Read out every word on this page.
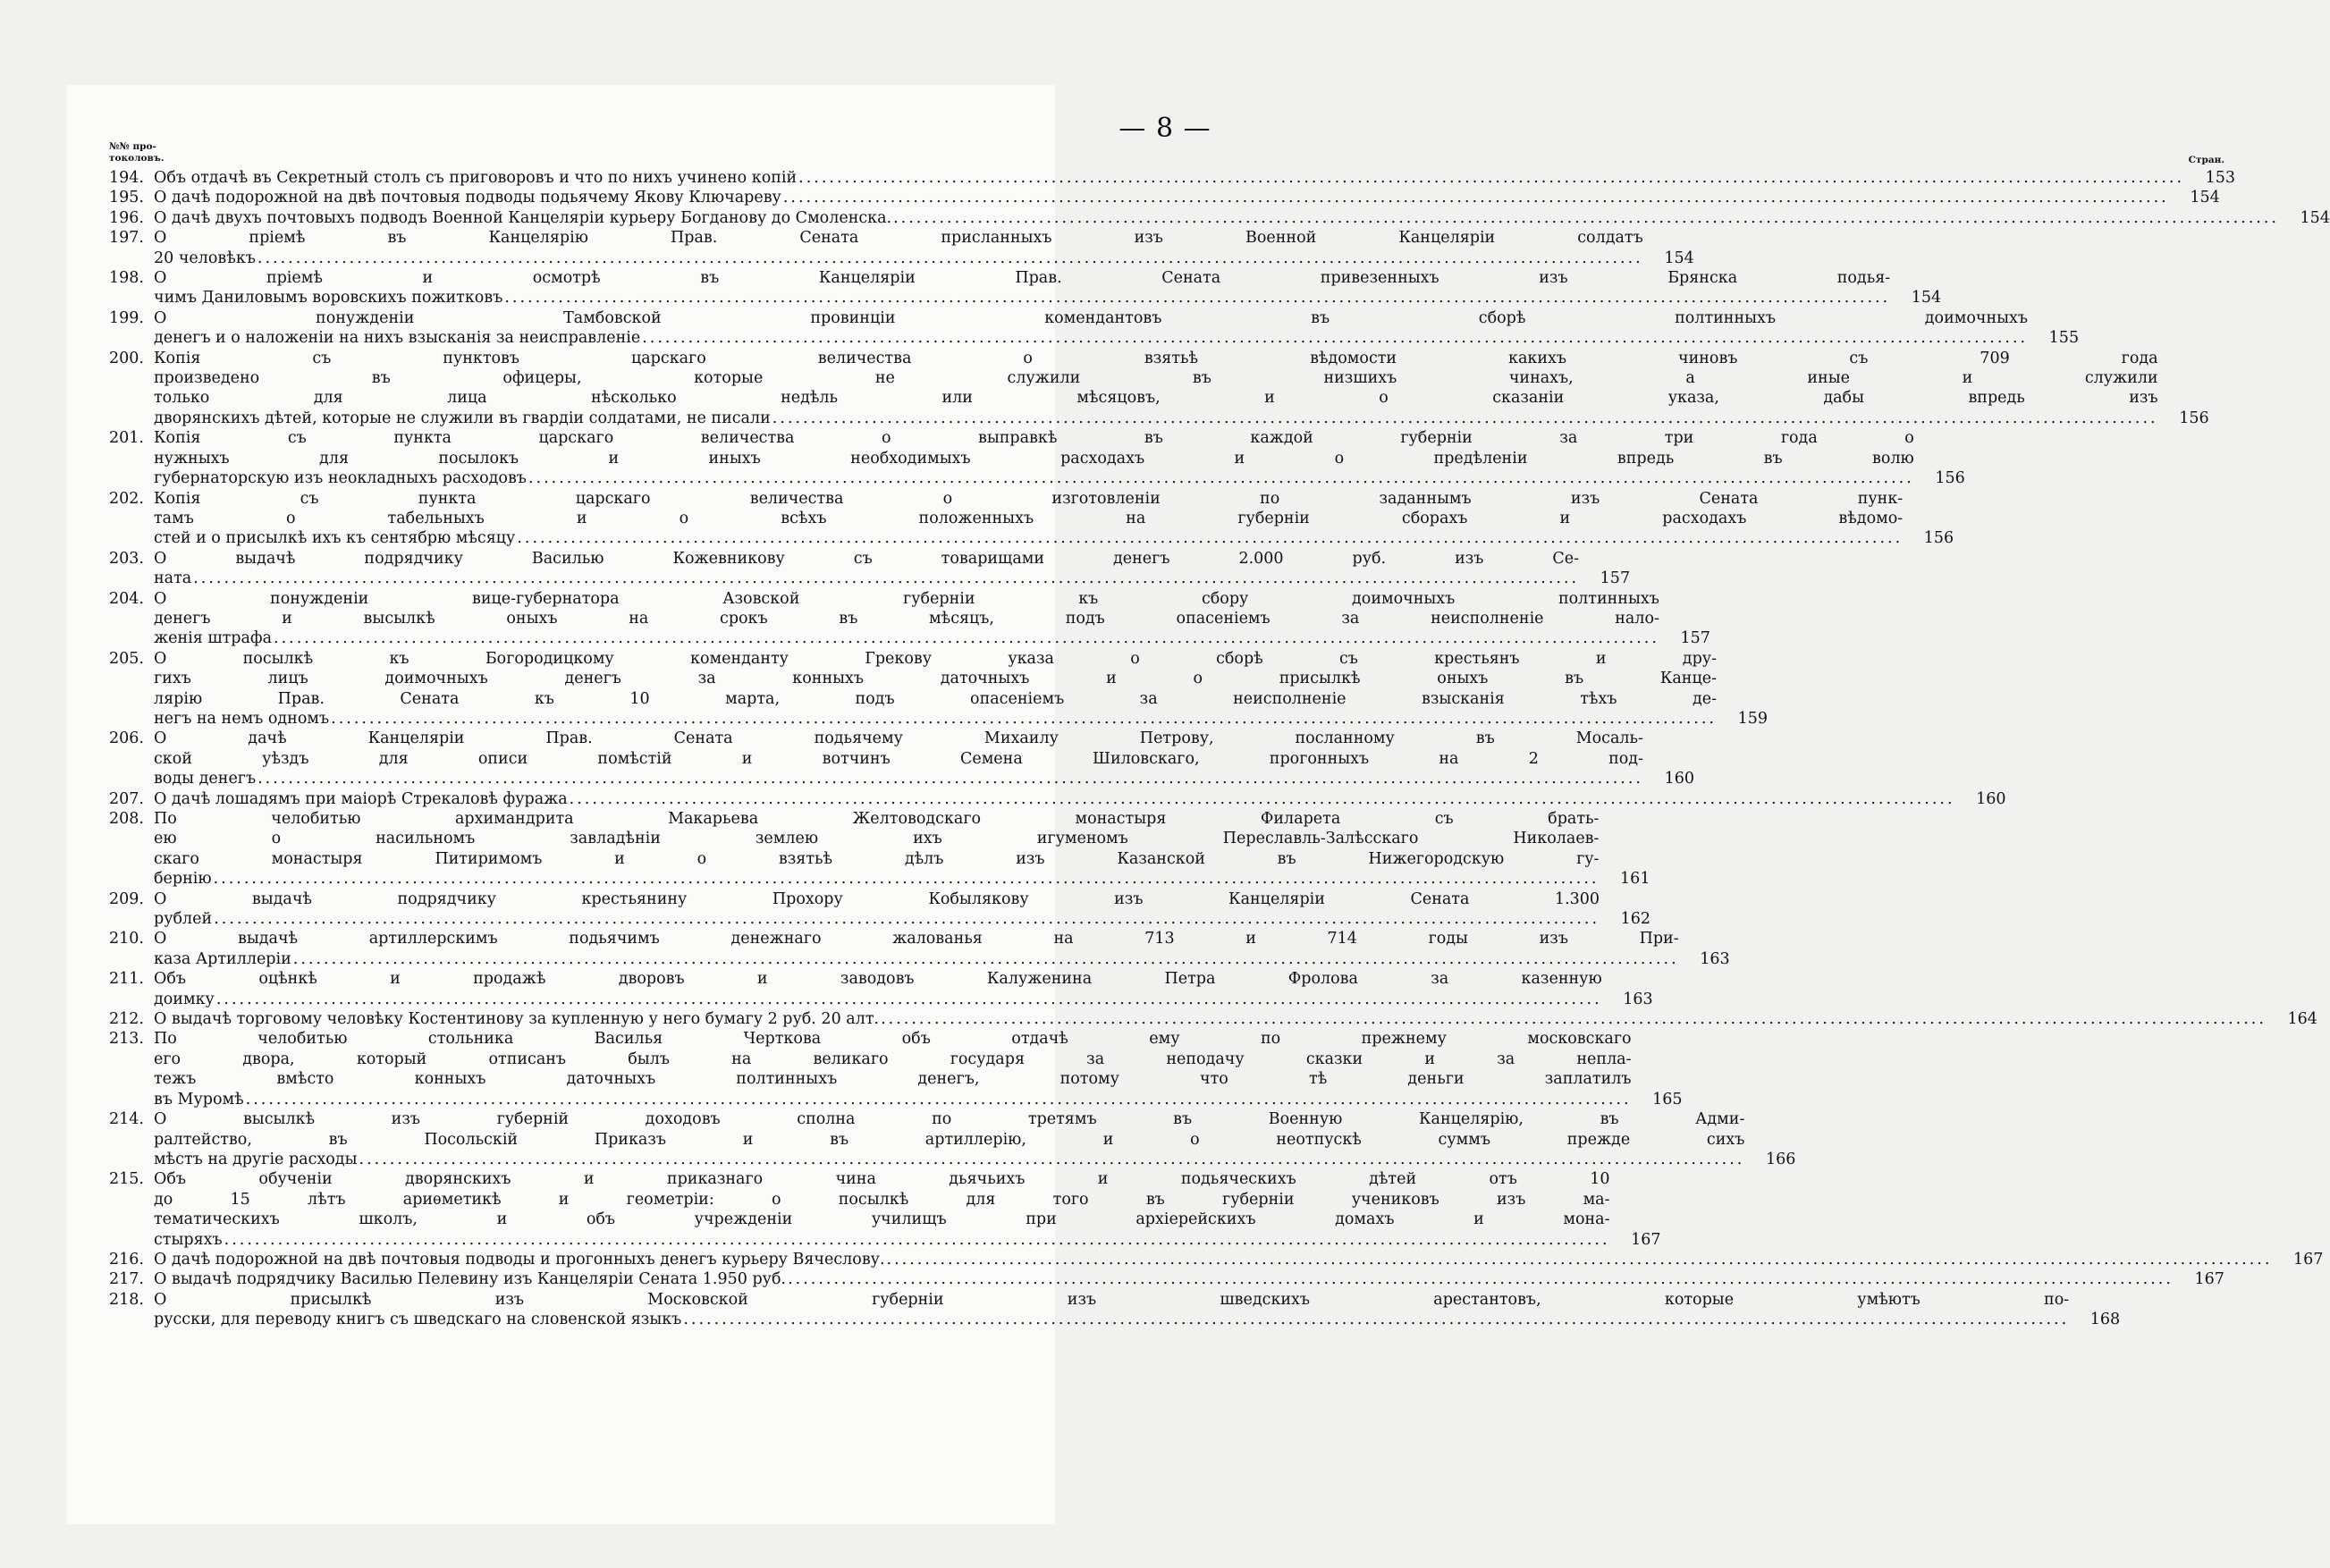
— 8 —
№№ про-
токоловъ.	Стран.
194. Объ отдачѣ въ Секретный столъ съ приговоровъ и что по нихъ учинено копій .....	153
195. О дачѣ подорожной на двѣ почтовыя подводы подьячему Якову Ключареву .....	154
196. О дачѣ двухъ почтовыхъ подводъ Военной Канцеляріи курьеру Богданову до Смоленска. .....	154
197. О пріемѣ въ Канцелярію Прав. Сената присланныхъ изъ Военной Канцеляріи солдатъ
20 человѣкъ .....	154
198. О пріемѣ и осмотрѣ въ Канцеляріи Прав. Сената привезенныхъ изъ Брянска подья-
чимъ Даниловымъ воровскихъ пожитковъ .....	154
199. О понужденіи Тамбовской провинціи комендантовъ въ сборѣ полтинныхъ доимочныхъ
денегъ и о наложеніи на нихъ взысканія за неисправленіе .....	155
200. Копія съ пунктовъ царскаго величества о взятьѣ вѣдомости какихъ чиновъ съ 709 года
произведено въ офицеры, которые не служили въ низшихъ чинахъ, а иные и служили
только для лица нѣсколько недѣль или мѣсяцовъ, и о сказаніи указа, дабы впредь изъ
дворянскихъ дѣтей, которые не служили въ гвардіи солдатами, не писали .....	156
201. Копія съ пункта царскаго величества о выправкѣ въ каждой губерніи за три года о
нужныхъ для посылокъ и иныхъ необходимыхъ расходахъ и о предѣленіи впредь въ волю
губернаторскую изъ неокладныхъ расходовъ .....	156
202. Копія съ пункта царскаго величества о изготовленіи по заданнымъ изъ Сената пунк-
тамъ о табельныхъ и о всѣхъ положенныхъ на губерніи сборахъ и расходахъ вѣдомо-
стей и о присылкѣ ихъ къ сентябрю мѣсяцу .....	156
203. О выдачѣ подрядчику Василью Кожевникову съ товарищами денегъ 2.000 руб. изъ Се-
ната .....	157
204. О понужденіи вице-губернатора Азовской губерніи къ сбору доимочныхъ полтинныхъ
денегъ и высылкѣ оныхъ на срокъ въ мѣсяцъ, подъ опасеніемъ за неисполненіе нало-
женія штрафа .....	157
205. О посылкѣ къ Богородицкому коменданту Грекову указа о сборѣ съ крестьянъ и дру-
гихъ лицъ доимочныхъ денегъ за конныхъ даточныхъ и о присылкѣ оныхъ въ Канце-
лярію Прав. Сената къ 10 марта, подъ опасеніемъ за неисполненіе взысканія тѣхъ де-
негъ на немъ одномъ .....	159
206. О дачѣ Канцеляріи Прав. Сената подьячему Михаилу Петрову, посланному въ Мосаль-
ской уѣздъ для описи помѣстій и вотчинъ Семена Шиловскаго, прогонныхъ на 2 под-
воды денегъ .....	160
207. О дачѣ лошадямъ при маіорѣ Стрекаловѣ фуража .....	160
208. По челобитью архимандрита Макарьева Желтоводскаго монастыря Филарета съ брать-
ею о насильномъ завладѣніи землею ихъ игуменомъ Переславль-Залѣсскаго Николаев-
скаго монастыря Питиримомъ и о взятьѣ дѣлъ изъ Казанской въ Нижегородскую гу-
бернію .....	161
209. О выдачѣ подрядчику крестьянину Прохору Кобылякову изъ Канцеляріи Сената 1.300
рублей .....	162
210. О выдачѣ артиллерскимъ подьячимъ денежнаго жалованья на 713 и 714 годы изъ При-
каза Артиллеріи .....	163
211. Объ оцѣнкѣ и продажѣ дворовъ и заводовъ Калуженина Петра Фролова за казенную
доимку .....	163
212. О выдачѣ торговому человѣку Костентинову за купленную у него бумагу 2 руб. 20 алт. .....	164
213. По челобитью стольника Василья Черткова объ отдачѣ ему по прежнему московскаго
его двора, который отписанъ былъ на великаго государя за неподачу сказки и за непла-
тежъ вмѣсто конныхъ даточныхъ полтинныхъ денегъ, потому что тѣ деньги заплатилъ
въ Муромѣ .....	165
214. О высылкѣ изъ губерній доходовъ сполна по третямъ въ Военную Канцелярію, въ Адми-
ралтейство, въ Посольскій Приказъ и въ артиллерію, и о неотпускѣ суммъ прежде сихъ
мѣстъ на другіе расходы .....	166
215. Объ обученіи дворянскихъ и приказнаго чина дьячьихъ и подьяческихъ дѣтей отъ 10
до 15 лѣтъ ариѳметикѣ и геометріи: о посылкѣ для того въ губерніи учениковъ изъ ма-
тематическихъ школъ, и объ учрежденіи училищъ при архіерейскихъ домахъ и мона-
стыряхъ .....	167
216. О дачѣ подорожной на двѣ почтовыя подводы и прогонныхъ денегъ курьеру Вячеслову. .....	167
217. О выдачѣ подрядчику Василью Пелевину изъ Канцеляріи Сената 1.950 руб. .....	167
218. О присылкѣ изъ Московской губерніи изъ шведскихъ арестантовъ, которые умѣютъ по-
русски, для переводу книгъ съ шведскаго на словенской языкъ .....	168
